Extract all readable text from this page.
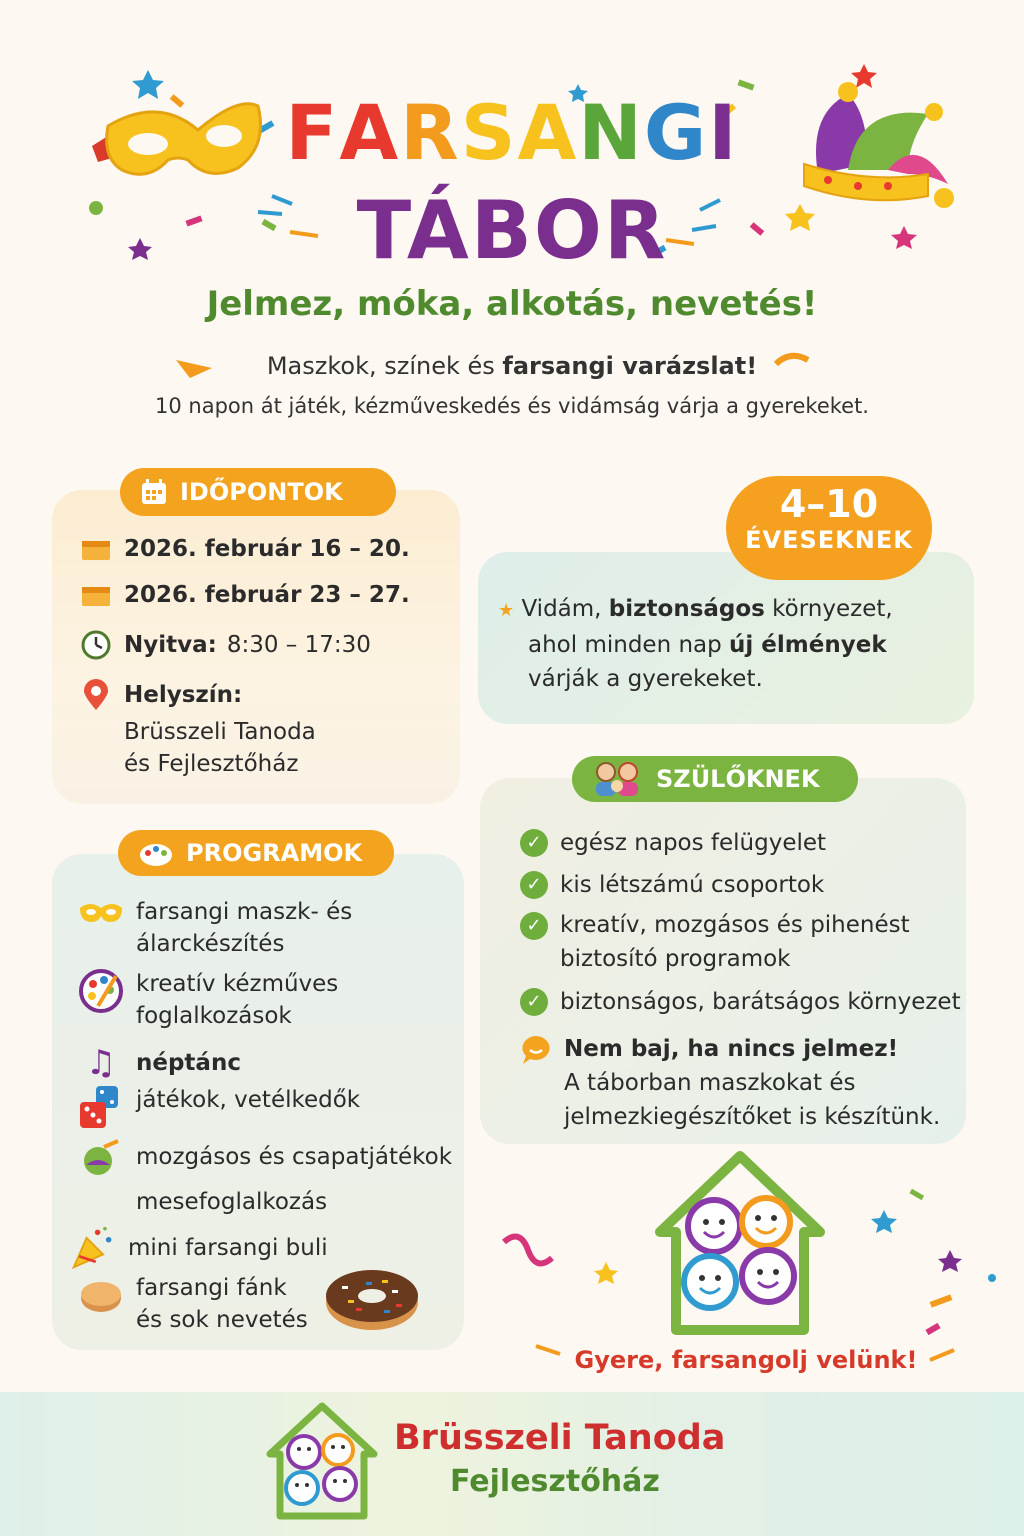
FARSANGI
TÁBOR
Jelmez, móka, alkotás, nevetés!
Maszkok, színek és farsangi varázslat!
10 napon át játék, kézműveskedés és vidámság várja a gyerekeket.
IDŐPONTOK
2026. február 16 – 20.
2026. február 23 – 27.
Nyitva: 8:30 – 17:30
Helyszín:
Brüsszeli Tanoda
és Fejlesztőház
4–10
ÉVESEKNEK
★ Vidám, biztonságos környezet,
ahol minden nap új élmények
várják a gyerekeket.
SZÜLŐKNEK
✓ egész napos felügyelet
✓ kis létszámú csoportok
✓ kreatív, mozgásos és pihenést
biztosító programok
✓ biztonságos, barátságos környezet
Nem baj, ha nincs jelmez!
A táborban maszkokat és
jelmezkiegészítőket is készítünk.
PROGRAMOK
farsangi maszk- és
álarckészítés
kreatív kézműves
foglalkozások
♫ néptánc
játékok, vetélkedők
mozgásos és csapatjátékok
mesefoglalkozás
mini farsangi buli
farsangi fánk
és sok nevetés
Gyere, farsangolj velünk!
Brüsszeli Tanoda
Fejlesztőház
